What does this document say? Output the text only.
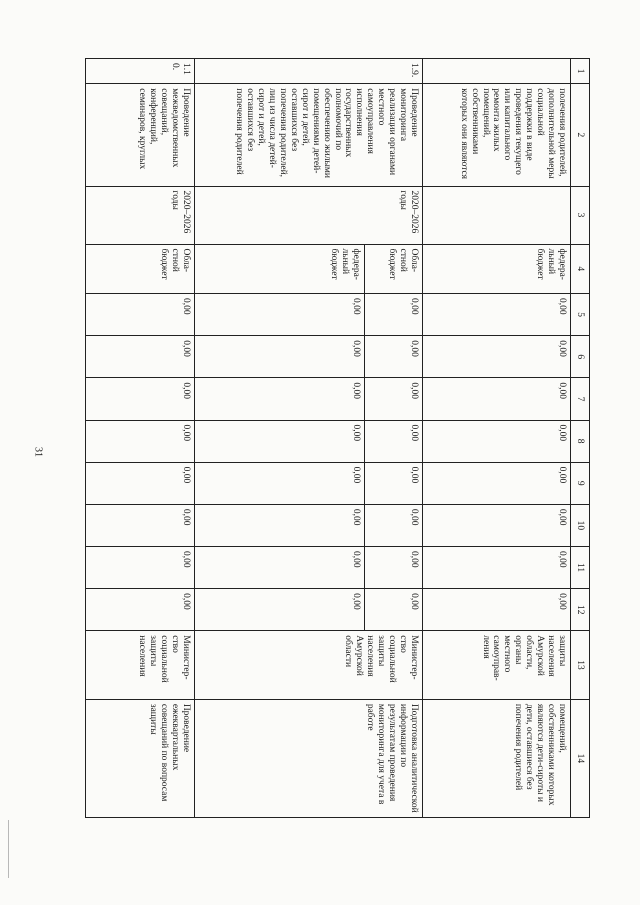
31
1	2	3	4	5	6	7	8	9	10	11	12	13	14
	полечения родителей, дополнительной меры социальной поддержки в виде проведения текущего или капитального ремонта жилых помещений, собственниками которых они являются		федера-льный бюджет	0,00	0,00	0,00	0,00	0,00	0,00	0,00	0,00	защиты населения Амурской области, органы местного самоуправ-ления	помещений, собственниками которых являются дети-сироты и дети, оставшиеся без попечения родителей
1.9.	Проведение мониторинга реализации органами местного самоуправления исполнения государственных полномочий по обеспечению жилыми помещениями детей-сирот и детей, оставшихся без попечения родителей, лиц из числа детей-сирот и детей, оставшихся без попечения родителей	2020–2026 годы	Обла-стной бюджет	0,00	0,00	0,00	0,00	0,00	0,00	0,00	0,00	Министер-ство социальной защиты населения Амурской области	Подготовка аналитической информации по результатам проведения мониторинга для учета в работе
			федера-льный бюджет	0,00	0,00	0,00	0,00	0,00	0,00	0,00	0,00		
1.10.	Проведение межведомственных совещаний, конференций, семинаров, круглых	2020–2026 годы	Обла-стной бюджет	0,00	0,00	0,00	0,00	0,00	0,00	0,00	0,00	Министер-ство социальной защиты населения	Проведение ежеквартальных совещаний по вопросам защиты
